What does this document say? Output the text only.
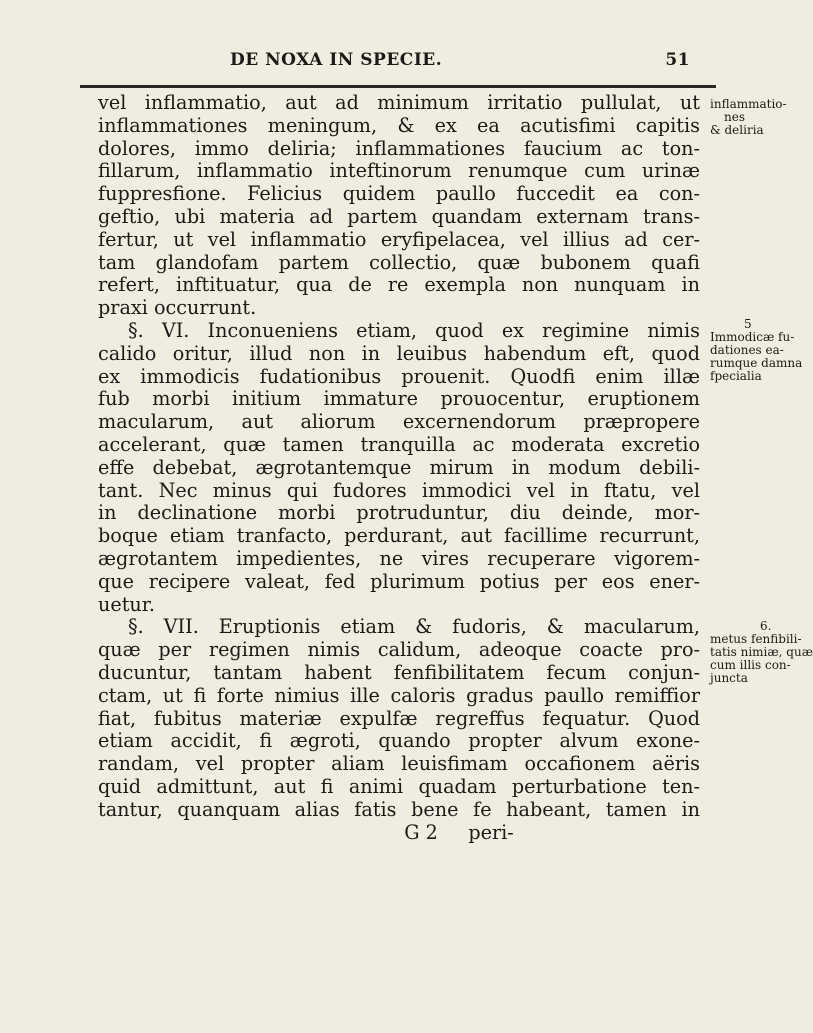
DE NOXA IN SPECIE.	51
vel inflammatio, aut ad minimum irritatio pullulat, ut
inflammationes meningum, & ex ea acutisfimi capitis
dolores, immo deliria; inflammationes faucium ac ton-
fillarum, inflammatio inteftinorum renumque cum urinæ
fuppresfione. Felicius quidem paullo fuccedit ea con-
geftio, ubi materia ad partem quandam externam trans-
fertur, ut vel inflammatio eryfipelacea, vel illius ad cer-
tam glandofam partem collectio, quæ bubonem quafi
refert, inftituatur, qua de re exempla non nunquam in
praxi occurrunt.
§. VI. Inconueniens etiam, quod ex regimine nimis
calido oritur, illud non in leuibus habendum eft, quod
ex immodicis fudationibus prouenit. Quodfi enim illæ
fub morbi initium immature prouocentur, eruptionem
macularum, aut aliorum excernendorum præpropere
accelerant, quæ tamen tranquilla ac moderata excretio
effe debebat, ægrotantemque mirum in modum debili-
tant. Nec minus qui fudores immodici vel in ftatu, vel
in declinatione morbi protruduntur, diu deinde, mor-
boque etiam tranfacto, perdurant, aut facillime recurrunt,
ægrotantem impedientes, ne vires recuperare vigorem-
que recipere valeat, fed plurimum potius per eos ener-
uetur.
§. VII. Eruptionis etiam & fudoris, & macularum,
quæ per regimen nimis calidum, adeoque coacte pro-
ducuntur, tantam habent fenfibilitatem fecum conjun-
ctam, ut fi forte nimius ille caloris gradus paullo remiffior
fiat, fubitus materiæ expulfæ regreffus fequatur. Quod
etiam accidit, fi ægroti, quando propter alvum exone-
randam, vel propter aliam leuisfimam occafionem aëris
quid admittunt, aut fi animi quadam perturbatione ten-
tantur, quanquam alias fatis bene fe habeant, tamen in
G 2     peri-
inflammatio-
nes
& deliria
5
Immodicæ fu-
dationes ea-
rumque damna
fpecialia
6.
metus fenfibili-
tatis nimiæ, quæ
cum illis con-
juncta
